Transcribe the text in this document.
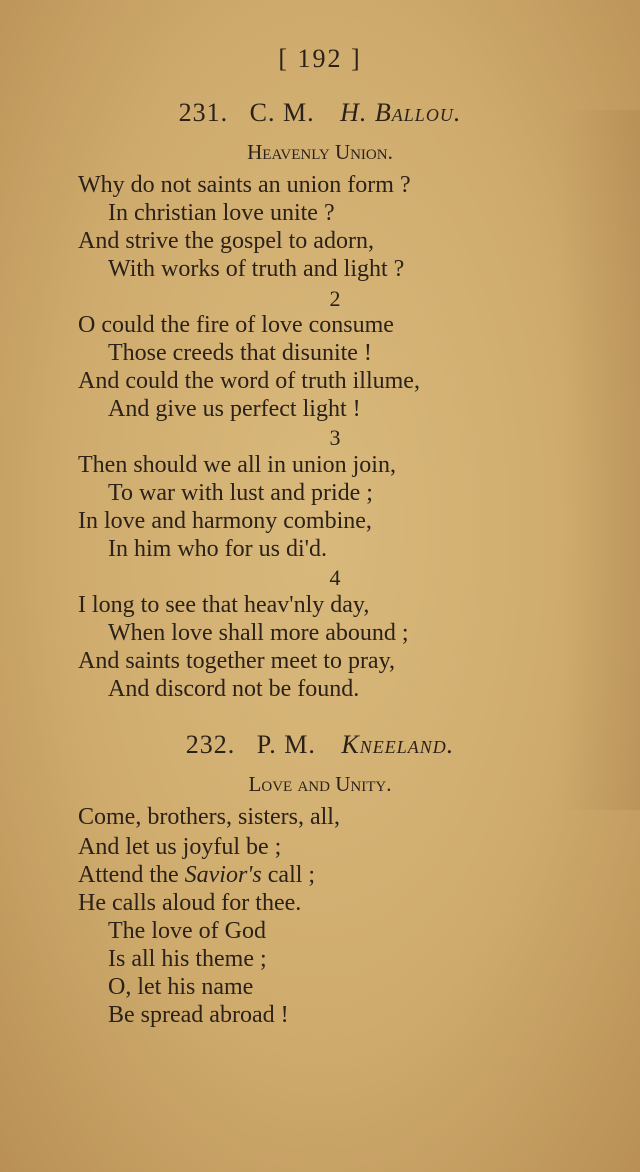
[ 192 ]
231. C. M. H. Ballou.
Heavenly Union.
Why do not saints an union form ?
In christian love unite ?
And strive the gospel to adorn,
With works of truth and light ?
2
O could the fire of love consume
Those creeds that disunite !
And could the word of truth illume,
And give us perfect light !
3
Then should we all in union join,
To war with lust and pride ;
In love and harmony combine,
In him who for us di'd.
4
I long to see that heav'nly day,
When love shall more abound ;
And saints together meet to pray,
And discord not be found.
232. P. M. Kneeland.
Love and Unity.
Come, brothers, sisters, all,
And let us joyful be ;
Attend the Savior's call ;
He calls aloud for thee.
The love of God
Is all his theme ;
O, let his name
Be spread abroad !
